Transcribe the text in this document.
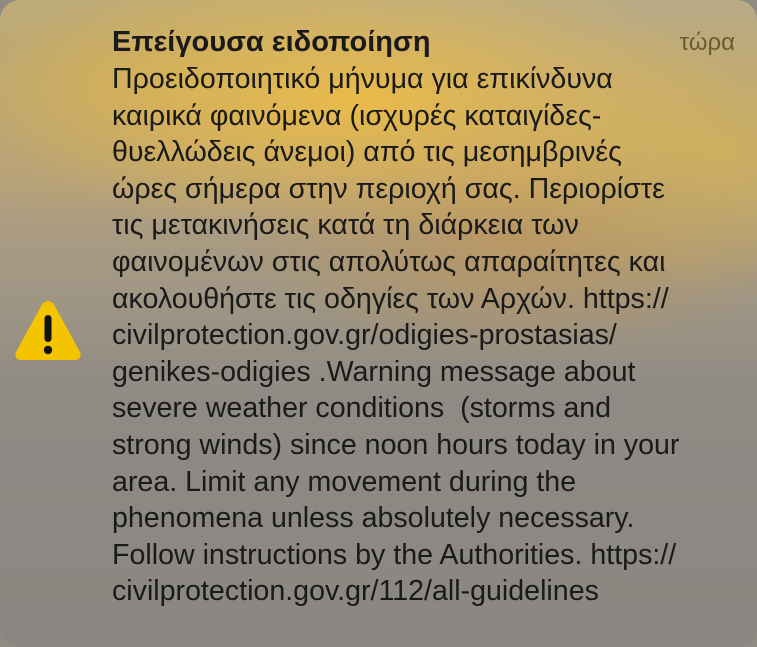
Επείγουσα ειδοποίηση	τώρα
Προειδοποιητικό μήνυμα για επικίνδυνα
καιρικά φαινόμενα (ισχυρές καταιγίδες-
θυελλώδεις άνεμοι) από τις μεσημβρινές
ώρες σήμερα στην περιοχή σας. Περιορίστε
τις μετακινήσεις κατά τη διάρκεια των
φαινομένων στις απολύτως απαραίτητες και
ακολουθήστε τις οδηγίες των Αρχών. https://
civilprotection.gov.gr/odigies-prostasias/
genikes-odigies .Warning message about
severe weather conditions  (storms and
strong winds) since noon hours today in your
area. Limit any movement during the
phenomena unless absolutely necessary.
Follow instructions by the Authorities. https://
civilprotection.gov.gr/112/all-guidelines
